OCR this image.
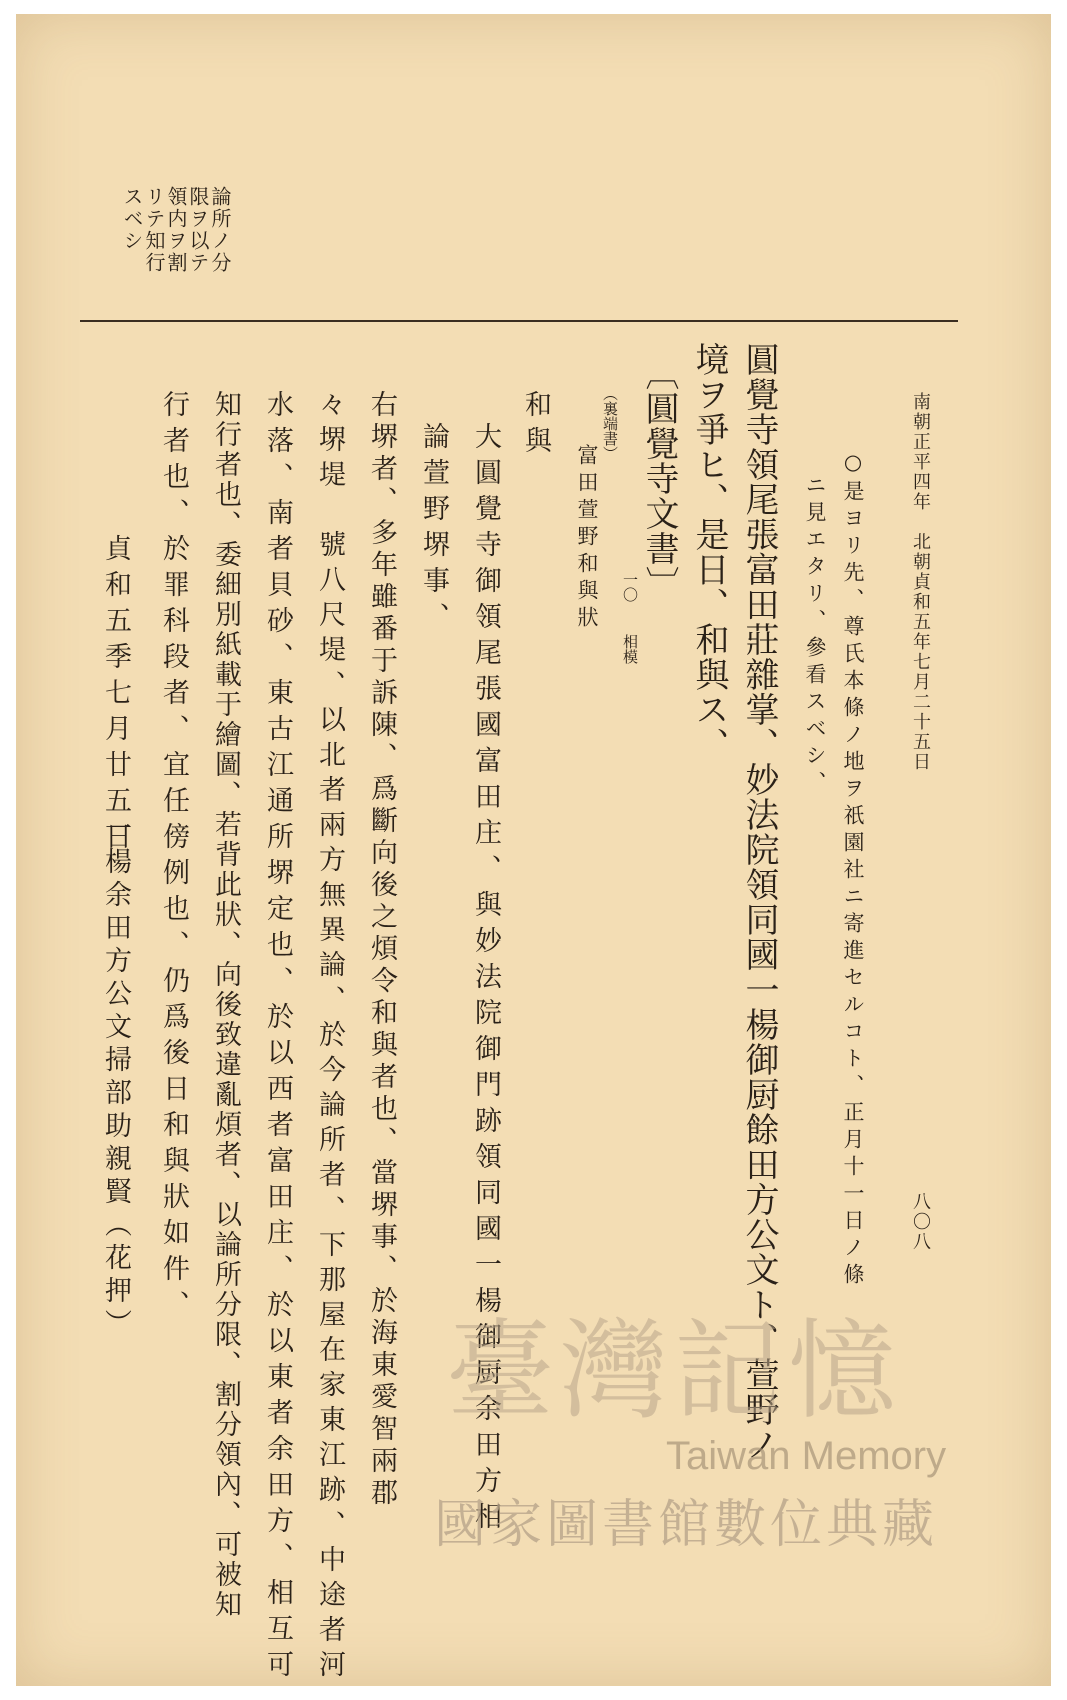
南朝正平四年　北朝貞和五年七月二十五日
八〇八
論所ノ分
限ヲ以テ
領内ヲ割
リテ知行
スベシ
○是ヨリ先、尊氏本條ノ地ヲ祇園社ニ寄進セルコト、正月十一日ノ條
ニ見エタリ、參看スベシ、
圓覺寺領尾張富田莊雜掌、妙法院領同國一楊御厨餘田方公文ト、萱野ノ
境ヲ爭ヒ、是日、和與ス、
〔圓覺寺文書〕
一〇
相模
（裏端書）
富田萱野和與狀
和與
大圓覺寺御領尾張國富田庄、與妙法院御門跡領同國一楊御厨余田方相
論萱野堺事、
右堺者、多年雖番于訴陳、爲斷向後之煩令和與者也、當堺事、於海東愛智兩郡
々堺堤　號八尺堤、以北者兩方無異論、於今論所者、下那屋在家東江跡、中途者河
水落、南者貝砂、東古江通所堺定也、於以西者富田庄、於以東者余田方、相互可
知行者也、委細別紙載于繪圖、若背此狀、向後致違亂煩者、以論所分限、割分領內、可被知
行者也、於罪科段者、宜任傍例也、仍爲後日和與狀如件、
貞和五季七月廿五日
一楊余田方公文掃部助親賢（花押）
臺灣記憶
Taiwan Memory
國家圖書館數位典藏
